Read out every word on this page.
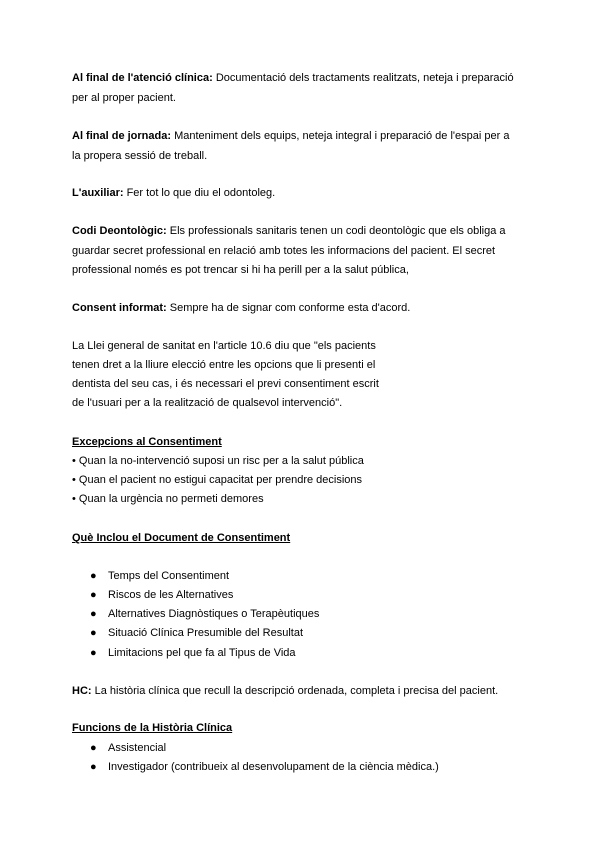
Al final de l'atenció clínica: Documentació dels tractaments realitzats, neteja i preparació
per al proper pacient.
Al final de jornada: Manteniment dels equips, neteja integral i preparació de l'espai per a
la propera sessió de treball.
L'auxiliar: Fer tot lo que diu el odontoleg.
Codi Deontològic: Els professionals sanitaris tenen un codi deontològic que els obliga a
guardar secret professional en relació amb totes les informacions del pacient. El secret
professional només es pot trencar si hi ha perill per a la salut pública,
Consent informat: Sempre ha de signar com conforme esta d'acord.
La Llei general de sanitat en l'article 10.6 diu que "els pacients
tenen dret a la lliure elecció entre les opcions que li presenti el
dentista del seu cas, i és necessari el previ consentiment escrit
de l'usuari per a la realització de qualsevol intervenció".
Excepcions al Consentiment
• Quan la no-intervenció suposi un risc per a la salut pública
• Quan el pacient no estigui capacitat per prendre decisions
• Quan la urgència no permeti demores
Què Inclou el Document de Consentiment
● Temps del Consentiment
● Riscos de les Alternatives
● Alternatives Diagnòstiques o Terapèutiques
● Situació Clínica Presumible del Resultat
● Limitacions pel que fa al Tipus de Vida
HC: La història clínica que recull la descripció ordenada, completa i precisa del pacient.
Funcions de la Història Clínica
● Assistencial
● Investigador (contribueix al desenvolupament de la ciència mèdica.)
